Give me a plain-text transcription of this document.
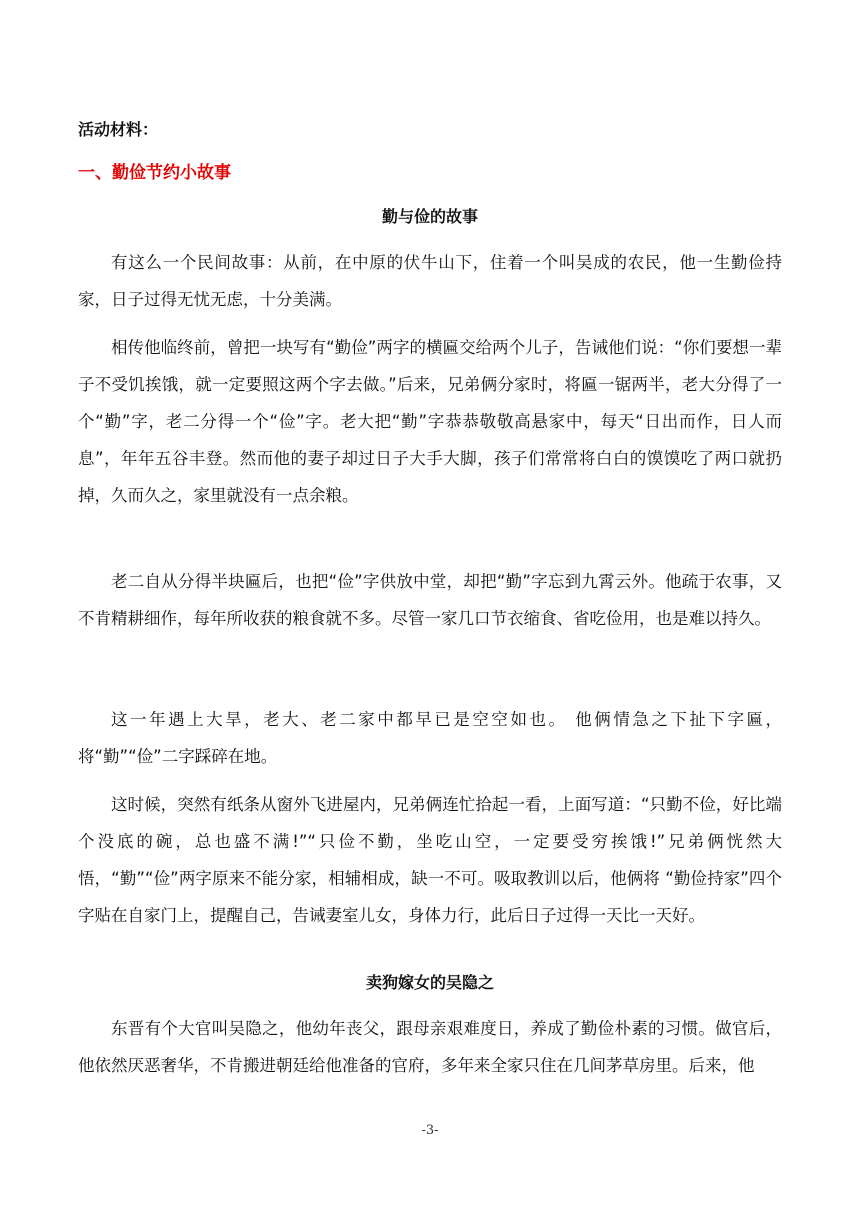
活动材料：
一、勤俭节约小故事
勤与俭的故事

有这么一个民间故事：从前，在中原的伏牛山下，住着一个叫吴成的农民，他一生勤俭持家，日子过得无忧无虑，十分美满。

相传他临终前，曾把一块写有“勤俭”两字的横匾交给两个儿子，告诫他们说：“你们要想一辈子不受饥挨饿，就一定要照这两个字去做。”后来，兄弟俩分家时，将匾一锯两半，老大分得了一个“勤”字，老二分得一个“俭”字。老大把“勤”字恭恭敬敬高悬家中，每天“日出而作，日人而息”，年年五谷丰登。然而他的妻子却过日子大手大脚，孩子们常常将白白的馍馍吃了两口就扔掉，久而久之，家里就没有一点余粮。

老二自从分得半块匾后，也把“俭”字供放中堂，却把“勤”字忘到九霄云外。他疏于农事，又不肯精耕细作，每年所收获的粮食就不多。尽管一家几口节衣缩食、省吃俭用，也是难以持久。

这一年遇上大旱，老大、老二家中都早已是空空如也。 他俩情急之下扯下字匾，将“勤”“俭”二字踩碎在地。

这时候，突然有纸条从窗外飞进屋内，兄弟俩连忙拾起一看，上面写道：“只勤不俭，好比端个没底的碗，总也盛不满!”“只俭不勤，坐吃山空，一定要受穷挨饿!”兄弟俩恍然大悟，“勤”“俭”两字原来不能分家，相辅相成，缺一不可。吸取教训以后，他俩将 “勤俭持家”四个字贴在自家门上，提醒自己，告诫妻室儿女，身体力行，此后日子过得一天比一天好。

卖狗嫁女的吴隐之

东晋有个大官叫吴隐之，他幼年丧父，跟母亲艰难度日，养成了勤俭朴素的习惯。做官后，他依然厌恶奢华，不肯搬进朝廷给他准备的官府，多年来全家只住在几间茅草房里。后来，他

-3-
